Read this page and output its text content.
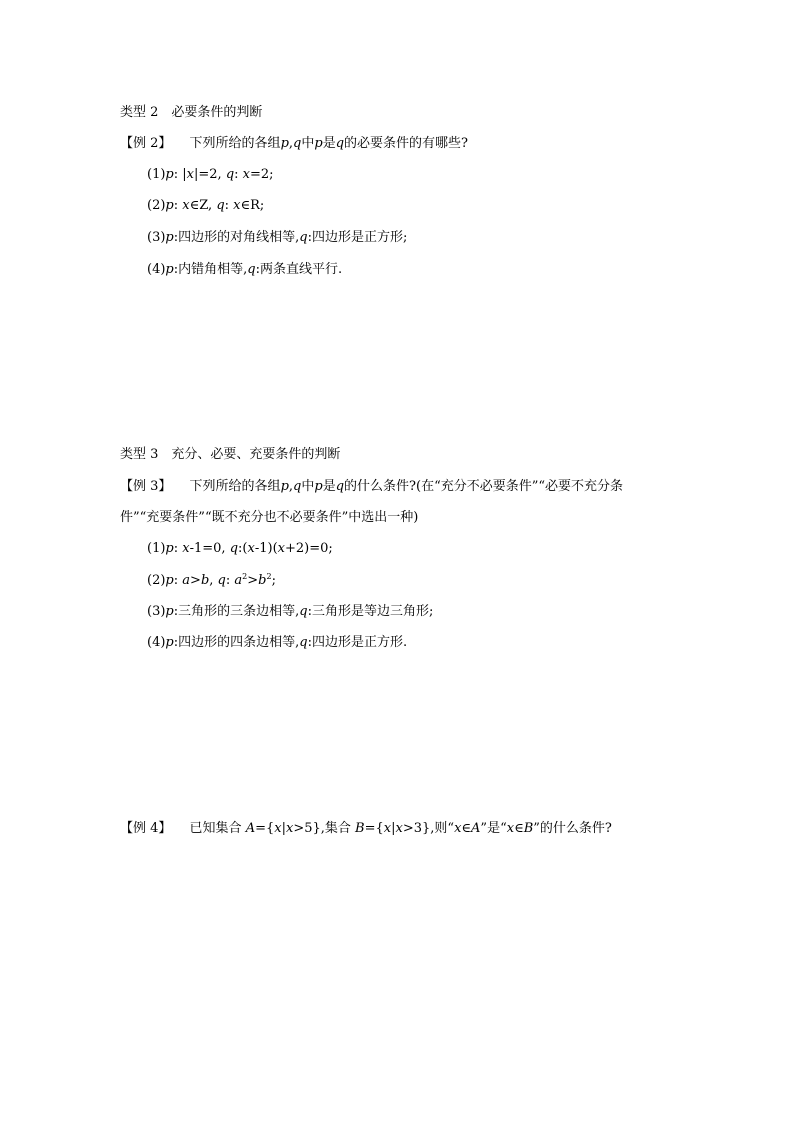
类型 2　必要条件的判断
【例 2】 下列所给的各组p,q中p是q的必要条件的有哪些?
(1)p: |x|=2, q: x=2;
(2)p: x∈Z, q: x∈R;
(3)p:四边形的对角线相等,q:四边形是正方形;
(4)p:内错角相等,q:两条直线平行.
类型 3　充分、必要、充要条件的判断
【例 3】 下列所给的各组p,q中p是q的什么条件?(在“充分不必要条件”“必要不充分条
件”“充要条件”“既不充分也不必要条件”中选出一种)
(1)p: x-1=0, q:(x-1)(x+2)=0;
(2)p: a>b, q: $a^2>b^2$;
(3)p:三角形的三条边相等,q:三角形是等边三角形;
(4)p:四边形的四条边相等,q:四边形是正方形.
【例 4】 已知集合 A={x|x>5},集合 B={x|x>3},则“x∈A”是“x∈B”的什么条件?
